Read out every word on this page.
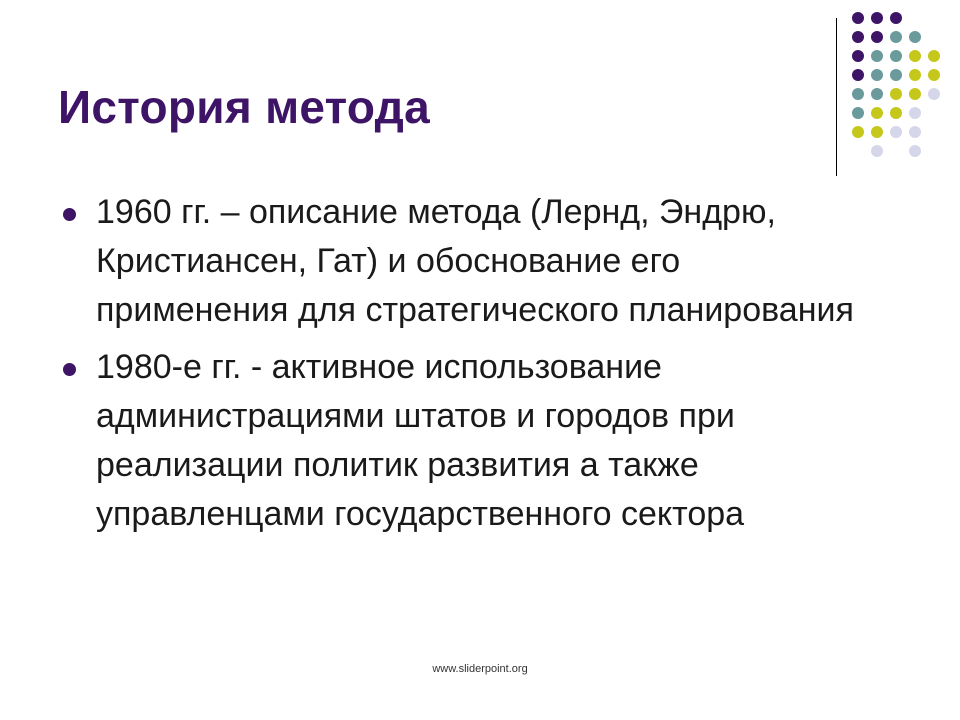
История метода
1960 гг. – описание метода (Лернд, Эндрю, Кристиансен, Гат) и обоснование его применения для стратегического планирования
1980-е гг. - активное использование администрациями штатов и городов при реализации политик развития а также управленцами государственного сектора
www.sliderpoint.org
